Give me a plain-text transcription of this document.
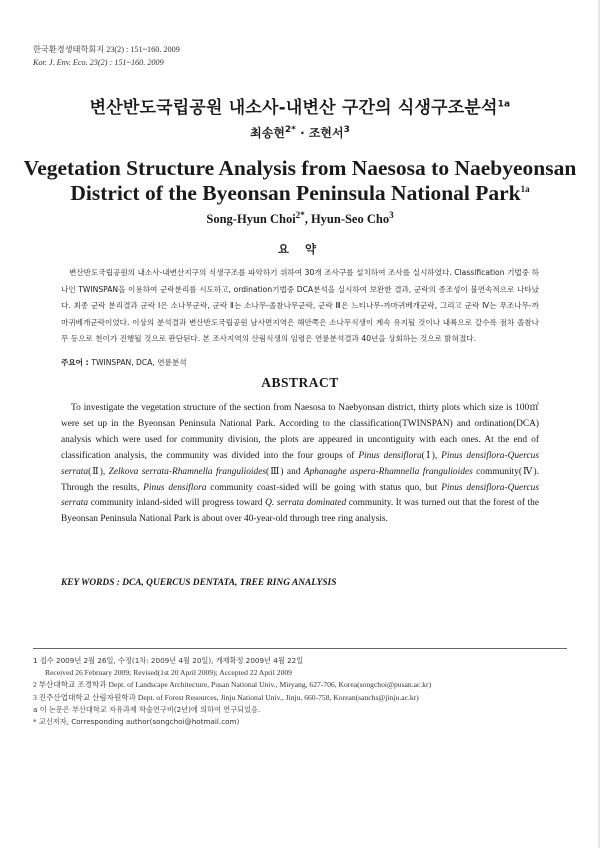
한국환경생태학회지 23(2) : 151~160. 2009
Kor. J. Env. Eco. 23(2) : 151~160. 2009
변산반도국립공원 내소사-내변산 구간의 식생구조분석$^{1a}$
최송현$^{2*}$ · 조현서$^3$
Vegetation Structure Analysis from Naesosa to Naebyeonsan
District of the Byeonsan Peninsula National Park$^{1a}$
Song-Hyun Choi$^{2*}$, Hyun-Seo Cho$^3$
요 약
변산반도국립공원의 내소사-내변산지구의 식생구조를 파악하기 위하여 30개 조사구를 설치하여 조사를 실시하였다. Classification 기법중 하나인 TWINSPAN을 이용하여 군락분리를 시도하고, ordination기법중 DCA분석을 실시하여 보완한 결과, 군락의 종조성이 불연속적으로 나타났다. 최종 군락 분리결과 군락 Ⅰ은 소나무군락, 군락 Ⅱ는 소나무-졸참나무군락, 군락 Ⅲ은 느티나무-까마귀베개군락, 그리고 군락 Ⅳ는 푸조나무-까마귀베개군락이었다. 이상의 분석결과 변산반도국립공원 남사면지역은 해안쪽은 소나무식생이 계속 유지될 것이나 내륙으로 갈수록 점차 졸참나무 등으로 천이가 진행될 것으로 판단된다. 본 조사지역의 산림식생의 임령은 연륜분석결과 40년을 상회하는 것으로 밝혀졌다.
주요어 : TWINSPAN, DCA, 연륜분석
ABSTRACT
To investigate the vegetation structure of the section from Naesosa to Naebyonsan district, thirty plots which size is 100㎡ were set up in the Byeonsan Peninsula National Park. According to the classification(TWINSPAN) and ordination(DCA) analysis which were used for community division, the plots are appeared in uncontiguity with each ones. At the end of classification analysis, the community was divided into the four groups of Pinus densiflora(Ⅰ), Pinus densiflora-Quercus serrata(Ⅱ), Zelkova serrata-Rhamnella frangulioides(Ⅲ) and Aphanaghe aspera-Rhamnella frangulioides community(Ⅳ). Through the results, Pinus densiflora community coast-sided will be going with status quo, but Pinus densiflora-Quercus serrata community inland-sided will progress toward Q. serrata dominated community. It was turned out that the forest of the Byeonsan Peninsula National Park is about over 40-year-old through tree ring analysis.
KEY WORDS : DCA, QUERCUS DENTATA, TREE RING ANALYSIS
1 접수 2009년 2월 26일, 수정(1차: 2009년 4월 20일), 게재확정 2009년 4월 22일
Received 26 February 2009; Revised(1st 20 April 2009); Accepted 22 April 2009
2 부산대학교 조경학과 Dept. of Landscape Architecture, Pusan National Univ., Miryang, 627-706, Korea(songchoi@pusan.ac.kr)
3 진주산업대학교 산림자원학과 Dept. of Forest Resources, Jinju National Univ., Jinju, 660-758, Korean(sanchs@jinju.ac.kr)
a 이 논문은 부산대학교 자유과제 학술연구비(2년)에 의하여 연구되었음.
* 교신저자, Corresponding author(songchoi@hotmail.com)
